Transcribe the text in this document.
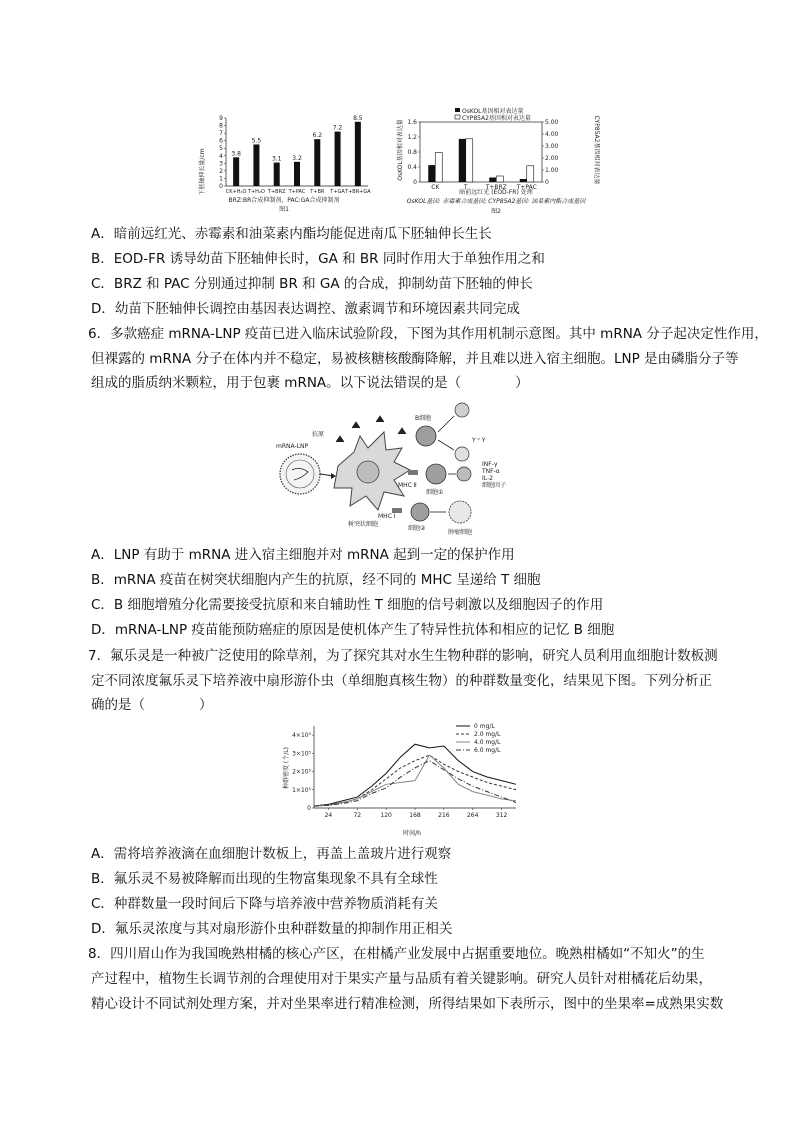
下胚轴伸长量/cm 0
1
2
3
4
5
6
7
8
9
3.8
CK+H₂O
5.5
T+H₂O
3.1
T+BRZ
3.2
T+PAC
6.2
T+BR
7.2
T+GA
8.5
T+BR+GA
BRZ:BR合成抑制剂，PAC:GA合成抑制剂
图1
OsKOL基因相对表达量
CYP85A2基因相对表达量
OsKOL基因相对表达量	CYP85A2基因相对表达量
0
0.4
0.8
1.2
1.6
0
1.00
2.00
3.00
4.00
5.00
CK	T	T+BRZ T+PAC
暗前远红光 (EOD-FR) 处理
OsKOL基因: 赤霉素合成基因; CYP85A2基因: 油菜素内酯合成基因
图2
A．暗前远红光、赤霉素和油菜素内酯均能促进南瓜下胚轴伸长生长
B．EOD-FR 诱导幼苗下胚轴伸长时，GA 和 BR 同时作用大于单独作用之和
C．BRZ 和 PAC 分别通过抑制 BR 和 GA 的合成，抑制幼苗下胚轴的伸长
D．幼苗下胚轴伸长调控由基因表达调控、激素调节和环境因素共同完成
6．多款癌症 mRNA-LNP 疫苗已进入临床试验阶段，下图为其作用机制示意图。其中 mRNA 分子起决定性作用，
但裸露的 mRNA 分子在体内并不稳定，易被核糖核酸酶降解，并且难以进入宿主细胞。LNP 是由磷脂分子等
组成的脂质纳米颗粒，用于包裹 mRNA。以下说法错误的是（　　　　）
mRNA-LNP
抗原
树突状细胞
B细胞
Y ᵞ Y
MHC Ⅱ
细胞①
INF-γ
TNF-α
IL-2
细胞因子
MHC Ⅰ
细胞②
肿瘤细胞
A．LNP 有助于 mRNA 进入宿主细胞并对 mRNA 起到一定的保护作用
B．mRNA 疫苗在树突状细胞内产生的抗原，经不同的 MHC 呈递给 T 细胞
C．B 细胞增殖分化需要接受抗原和来自辅助性 T 细胞的信号刺激以及细胞因子的作用
D．mRNA-LNP 疫苗能预防癌症的原因是使机体产生了特异性抗体和相应的记忆 B 细胞
7．氟乐灵是一种被广泛使用的除草剂，为了探究其对水生生物种群的影响，研究人员利用血细胞计数板测
定不同浓度氟乐灵下培养液中扇形游仆虫（单细胞真核生物）的种群数量变化，结果见下图。下列分析正
确的是（　　　　）
种群密度 (个/L)
0
1×10⁵
2×10⁵
3×10⁵
4×10⁵
24	72	120	168	216	264	312
0 mg/L
2.0 mg/L
4.0 mg/L
6.0 mg/L
时间/h
A．需将培养液滴在血细胞计数板上，再盖上盖玻片进行观察
B．氟乐灵不易被降解而出现的生物富集现象不具有全球性
C．种群数量一段时间后下降与培养液中营养物质消耗有关
D．氟乐灵浓度与其对扇形游仆虫种群数量的抑制作用正相关
8．四川眉山作为我国晚熟柑橘的核心产区，在柑橘产业发展中占据重要地位。晚熟柑橘如“不知火”的生
产过程中，植物生长调节剂的合理使用对于果实产量与品质有着关键影响。研究人员针对柑橘花后幼果，
精心设计不同试剂处理方案，并对坐果率进行精准检测，所得结果如下表所示，图中的坐果率=成熟果实数
